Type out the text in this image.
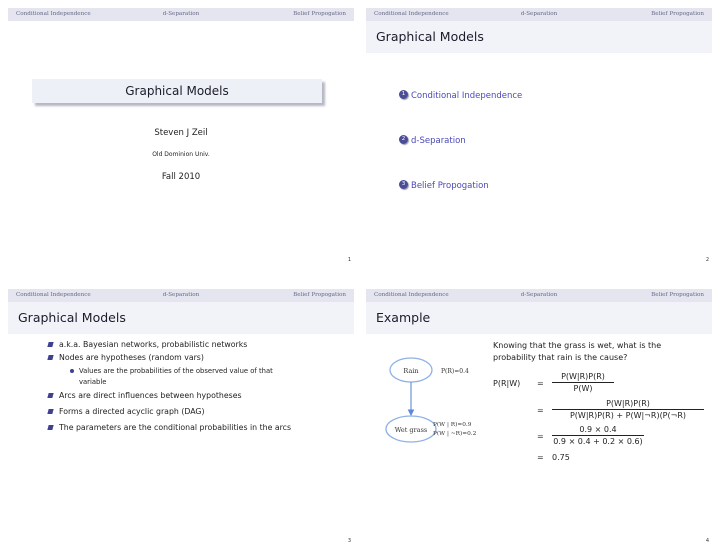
Conditional Independence	d-Separation	Belief Propogation
Graphical Models
Steven J Zeil
Old Dominion Univ.
Fall 2010
1
Conditional Independence	d-Separation	Belief Propogation
Graphical Models
1 Conditional Independence
2 d-Separation
3 Belief Propogation
2
Conditional Independence	d-Separation	Belief Propogation
Graphical Models
a.k.a. Bayesian networks, probabilistic networks
Nodes are hypotheses (random vars)
Values are the probabilities of the observed value of that
variable
Arcs are direct influences between hypotheses
Forms a directed acyclic graph (DAG)
The parameters are the conditional probabilities in the arcs
3
Conditional Independence	d-Separation	Belief Propogation
Example
Rain
Wet grass
P(R)=0.4
P(W | R)=0.9
P(W | ~R)=0.2
Knowing that the grass is wet, what is the
probability that rain is the cause?
P(R|W) =
P(W|R)P(R)
P(W)
=
P(W|R)P(R)
P(W|R)P(R) + P(W|¬R)(P(¬R)
=
0.9 × 0.4
0.9 × 0.4 + 0.2 × 0.6)
= 0.75
4
